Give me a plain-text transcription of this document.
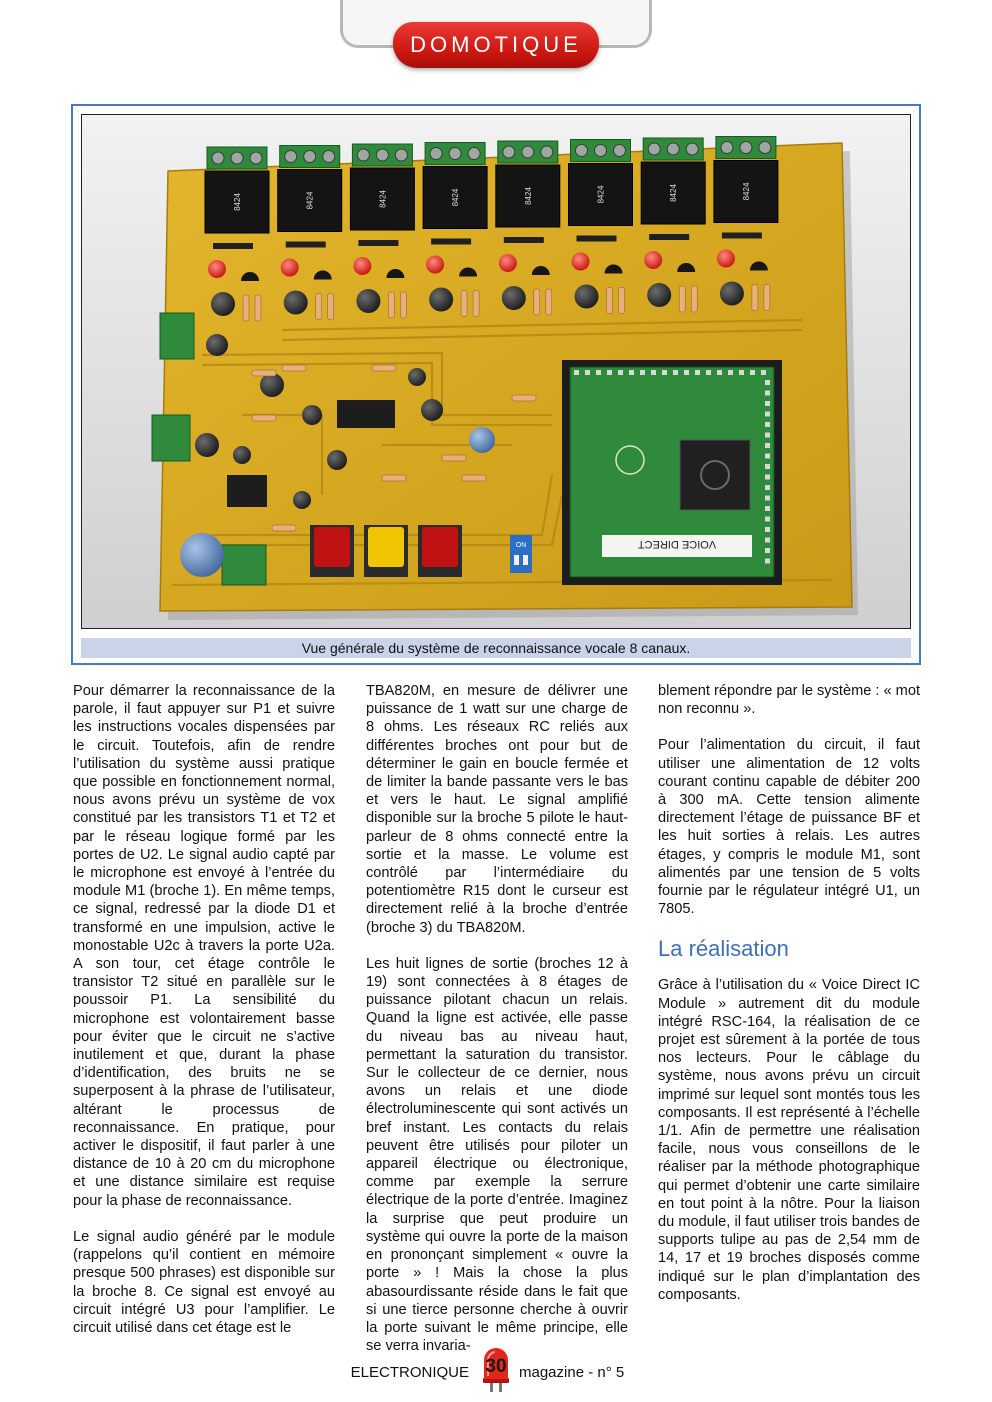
DOMOTIQUE
8424	8424	8424	8424	8424	8424	8424	8424
VOICE DIRECT
ON
Vue générale du système de reconnaissance vocale 8 canaux.

Pour démarrer la reconnaissance de la parole, il faut appuyer sur P1 et suivre les instructions vocales dispensées par le circuit. Toutefois, afin de rendre l’utilisation du système aussi pratique que possible en fonctionnement normal, nous avons prévu un système de vox constitué par les transistors T1 et T2 et par le réseau logique formé par les portes de U2. Le signal audio capté par le microphone est envoyé à l’entrée du module M1 (broche 1). En même temps, ce signal, redressé par la diode D1 et transformé en une impulsion, active le monostable U2c à travers la porte U2a. A son tour, cet étage contrôle le transistor T2 situé en parallèle sur le poussoir P1. La sensibilité du microphone est volontairement basse pour éviter que le circuit ne s’active inutilement et que, durant la phase d’identification, des bruits ne se superposent à la phrase de l’utilisateur, altérant le processus de reconnaissance. En pratique, pour activer le dispositif, il faut parler à une distance de 10 à 20 cm du microphone et une distance similaire est requise pour la phase de reconnaissance.

Le signal audio généré par le module (rappelons qu’il contient en mémoire presque 500 phrases) est disponible sur la broche 8. Ce signal est envoyé au circuit intégré U3 pour l’amplifier. Le circuit utilisé dans cet étage est le

TBA820M, en mesure de délivrer une puissance de 1 watt sur une charge de 8 ohms. Les réseaux RC reliés aux différentes broches ont pour but de déterminer le gain en boucle fermée et de limiter la bande passante vers le bas et vers le haut. Le signal amplifié disponible sur la broche 5 pilote le haut-parleur de 8 ohms connecté entre la sortie et la masse. Le volume est contrôlé par l’intermédiaire du potentiomètre R15 dont le curseur est directement relié à la broche d’entrée (broche 3) du TBA820M.

Les huit lignes de sortie (broches 12 à 19) sont connectées à 8 étages de puissance pilotant chacun un relais. Quand la ligne est activée, elle passe du niveau bas au niveau haut, permettant la saturation du transistor. Sur le collecteur de ce dernier, nous avons un relais et une diode électroluminescente qui sont activés un bref instant. Les contacts du relais peuvent être utilisés pour piloter un appareil électrique ou électronique, comme par exemple la serrure électrique de la porte d’entrée. Imaginez la surprise que peut produire un système qui ouvre la porte de la maison en prononçant simplement « ouvre la porte » ! Mais la chose la plus abasourdissante réside dans le fait que si une tierce personne cherche à ouvrir la porte suivant le même principe, elle se verra invaria-

blement répondre par le système : « mot non reconnu ».

Pour l’alimentation du circuit, il faut utiliser une alimentation de 12 volts courant continu capable de débiter 200 à 300 mA. Cette tension alimente directement l’étage de puissance BF et les huit sorties à relais. Les autres étages, y compris le module M1, sont alimentés par une tension de 5 volts fournie par le régulateur intégré U1, un 7805.

La réalisation

Grâce à l’utilisation du « Voice Direct IC Module » autrement dit du module intégré RSC-164, la réalisation de ce projet est sûrement à la portée de tous nos lecteurs. Pour le câblage du système, nous avons prévu un circuit imprimé sur lequel sont montés tous les composants. Il est représenté à l’échelle 1/1. Afin de permettre une réalisation facile, nous vous conseillons de le réaliser par la méthode photographique qui permet d’obtenir une carte similaire en tout point à la nôtre. Pour la liaison du module, il faut utiliser trois bandes de supports tulipe au pas de 2,54 mm de 14, 17 et 19 broches disposés comme indiqué sur le plan d’implantation des composants.

ELECTRONIQUE 30 magazine - n° 5
